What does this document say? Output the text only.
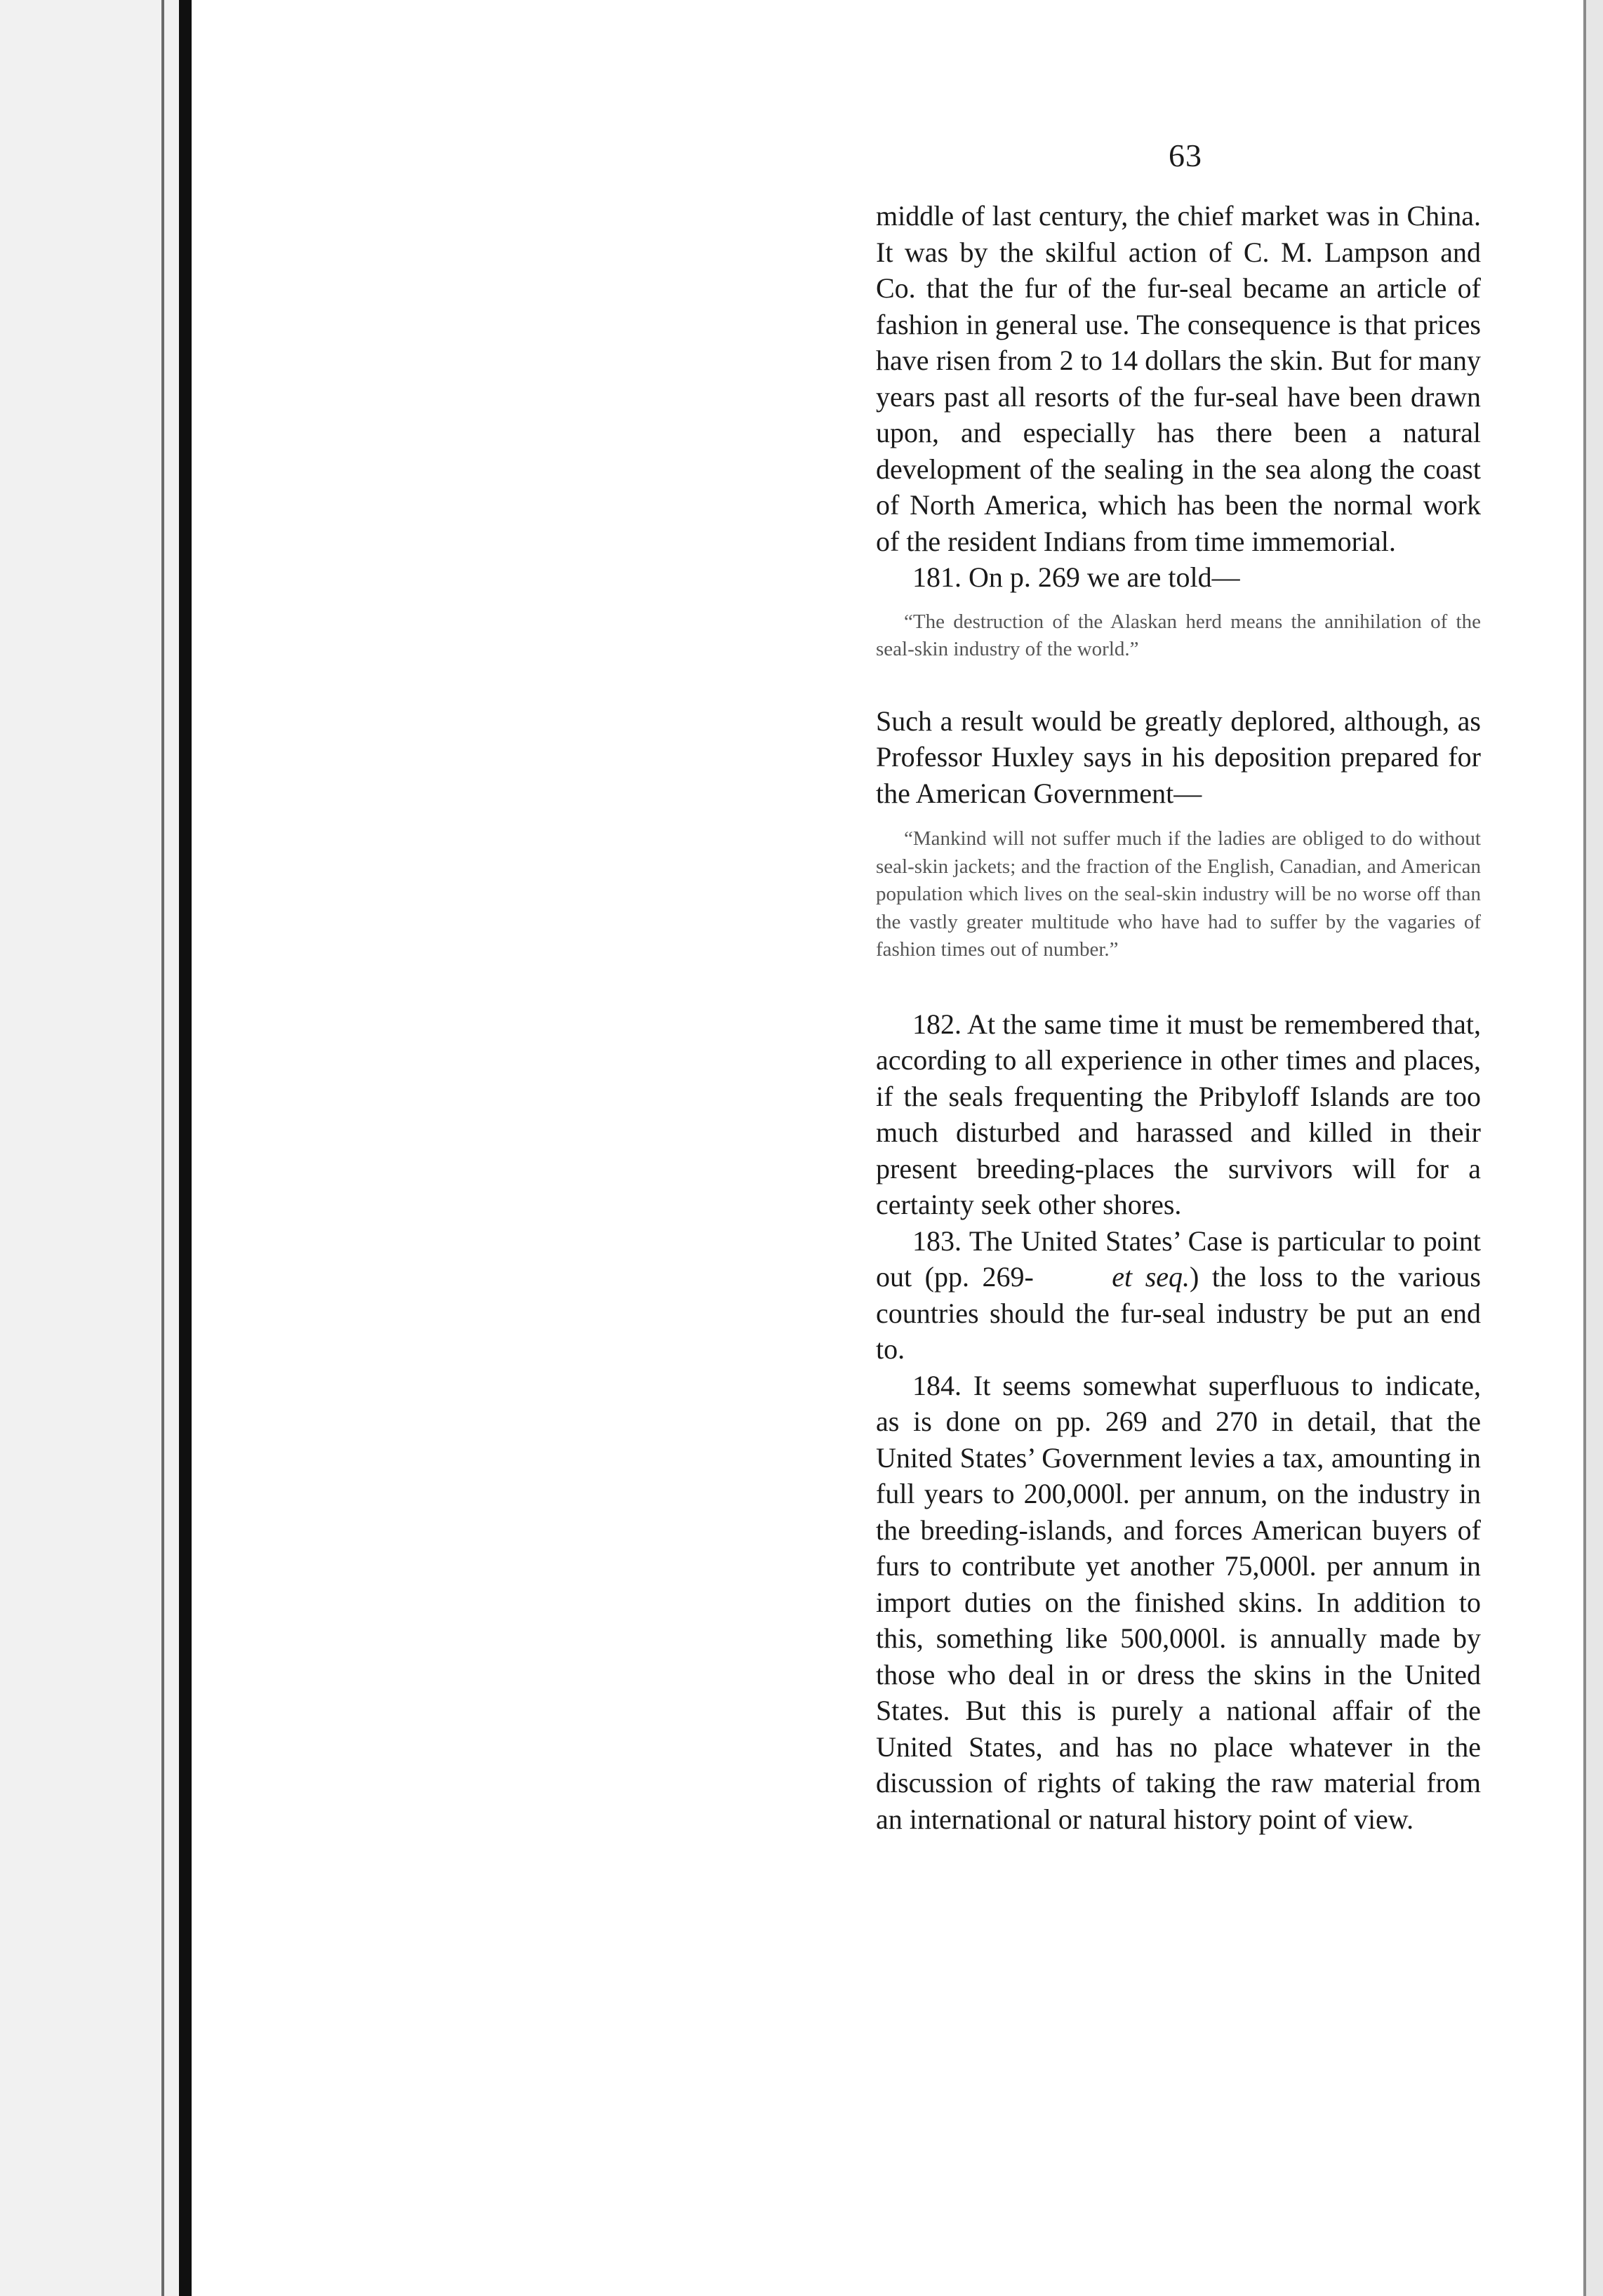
63

middle of last century, the chief market was in China. It was by the skilful action of C. M. Lampson and Co. that the fur of the fur-seal became an article of fashion in general use. The consequence is that prices have risen from 2 to 14 dollars the skin. But for many years past all resorts of the fur-seal have been drawn upon, and especially has there been a natural development of the sealing in the sea along the coast of North America, which has been the normal work of the resident Indians from time immemorial.

181. On p. 269 we are told—

“The destruction of the Alaskan herd means the annihilation of the seal-skin industry of the world.”

Such a result would be greatly deplored, although, as Professor Huxley says in his deposition prepared for the American Government—

“Mankind will not suffer much if the ladies are obliged to do without seal-skin jackets; and the fraction of the English, Canadian, and American population which lives on the seal-skin industry will be no worse off than the vastly greater multitude who have had to suffer by the vagaries of fashion times out of number.”

182. At the same time it must be remembered that, according to all experience in other times and places, if the seals frequenting the Pribyloff Islands are too much disturbed and harassed and killed in their present breeding-places the survivors will for a certainty seek other shores.

183. The United States’ Case is particular to point out (pp. 269-	et seq.) the loss to the various countries should the fur-seal industry be put an end to.

184. It seems somewhat superfluous to indicate, as is done on pp. 269 and 270 in detail, that the United States’ Government levies a tax, amounting in full years to 200,000l. per annum, on the industry in the breeding-islands, and forces American buyers of furs to contribute yet another 75,000l. per annum in import duties on the finished skins. In addition to this, something like 500,000l. is annually made by those who deal in or dress the skins in the United States. But this is purely a national affair of the United States, and has no place whatever in the discussion of rights of taking the raw material from an international or natural history point of view.
